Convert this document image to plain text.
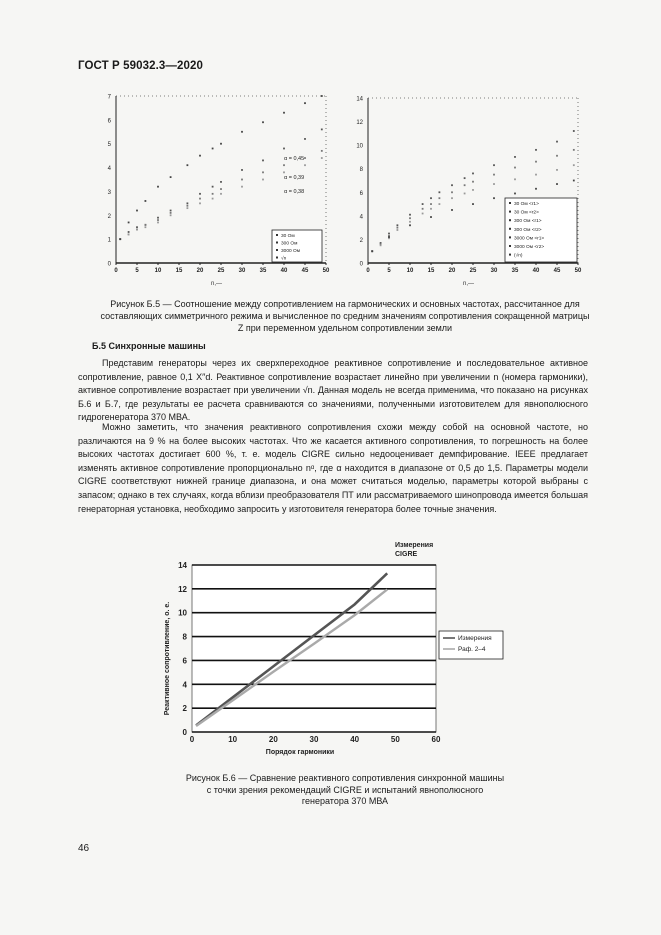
ГОСТ Р 59032.3—2020
0
1
2
3
4
5
6
7
0	5	10 15 20 25 30 35 40 45 50
n,—
α = 0,45
α = 0,39
α = 0,38
30 Ом
300 Ом
3000 Ом
√n
0
2
4
6
8
10
12
14
0	5	10 15 20 25 30 35 40 45 50
n,—
30 Ом <r1>
30 Ом <r2>
300 Ом <r1>
300 Ом <r2>
3000 Ом <r1>
3000 Ом <r2>
(√n)
Рисунок Б.5 — Соотношение между сопротивлением на гармонических и основных частотах, рассчитанное для составляющих симметричного режима и вычисленное по средним значениям сопротивления сокращенной матрицы Z при переменном удельном сопротивлении земли
Б.5 Синхронные машины

Представим генераторы через их сверхпереходное реактивное сопротивление и последовательное активное сопротивление, равное 0,1 X″d. Реактивное сопротивление возрастает линейно при увеличении n (номера гармоники), активное сопротивление возрастает при увеличении √n. Данная модель не всегда применима, что показано на рисунках Б.6 и Б.7, где результаты ее расчета сравниваются со значениями, полученными изготовителем для явнополюсного гидрогенератора 370 МВА.

Можно заметить, что значения реактивного сопротивления схожи между собой на основной частоте, но различаются на 9 % на более высоких частотах. Что же касается активного сопротивления, то погрешность на более высоких частотах достигает 600 %, т. е. модель CIGRE сильно недооценивает демпфирование. IEEE предлагает изменять активное сопротивление пропорционально nᵅ, где α находится в диапазоне от 0,5 до 1,5. Параметры модели CIGRE соответствуют нижней границе диапазона, и она может считаться моделью, параметры которой выбраны с запасом; однако в тех случаях, когда вблизи преобразователя ПТ или рассматриваемого шинопровода имеется большая генераторная установка, необходимо запросить у изготовителя генератора более точные значения.

0
2
4
6
8
10
12
14
0	10	20	30	40	50	60
Порядок гармоники
Реактивное сопротивление, о. е.
Измерения
CIGRE
Измерения
Раф. 2–4
Рисунок Б.6 — Сравнение реактивного сопротивления синхронной машины
с точки зрения рекомендаций CIGRE и испытаний явнополюсного
генератора 370 МВА
46
